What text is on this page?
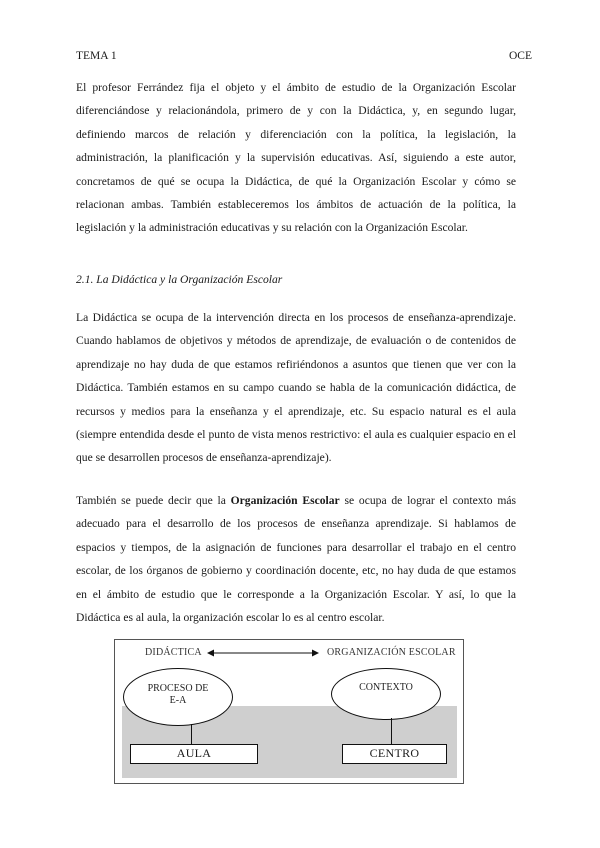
TEMA 1	OCE

El profesor Ferrández fija el objeto y el ámbito de estudio de la Organización Escolar diferenciándose y relacionándola, primero de y con la Didáctica, y, en segundo lugar, definiendo marcos de relación y diferenciación con la política, la legislación, la administración, la planificación y la supervisión educativas. Así, siguiendo a este autor, concretamos de qué se ocupa la Didáctica, de qué la Organización Escolar y cómo se relacionan ambas. También estableceremos los ámbitos de actuación de la política, la legislación y la administración educativas y su relación con la Organización Escolar.

2.1. La Didáctica y la Organización Escolar

La Didáctica se ocupa de la intervención directa en los procesos de enseñanza-aprendizaje. Cuando hablamos de objetivos y métodos de aprendizaje, de evaluación o de contenidos de aprendizaje no hay duda de que estamos refiriéndonos a asuntos que tienen que ver con la Didáctica. También estamos en su campo cuando se habla de la comunicación didáctica, de recursos y medios para la enseñanza y el aprendizaje, etc. Su espacio natural es el aula (siempre entendida desde el punto de vista menos restrictivo: el aula es cualquier espacio en el que se desarrollen procesos de enseñanza-aprendizaje).

También se puede decir que la Organización Escolar se ocupa de lograr el contexto más adecuado para el desarrollo de los procesos de enseñanza aprendizaje. Si hablamos de espacios y tiempos, de la asignación de funciones para desarrollar el trabajo en el centro escolar, de los órganos de gobierno y coordinación docente, etc, no hay duda de que estamos en el ámbito de estudio que le corresponde a la Organización Escolar. Y así, lo que la Didáctica es al aula, la organización escolar lo es al centro escolar.

DIDÁCTICA	ORGANIZACIÓN ESCOLAR
PROCESO DE
E-A
CONTEXTO
AULA	CENTRO
